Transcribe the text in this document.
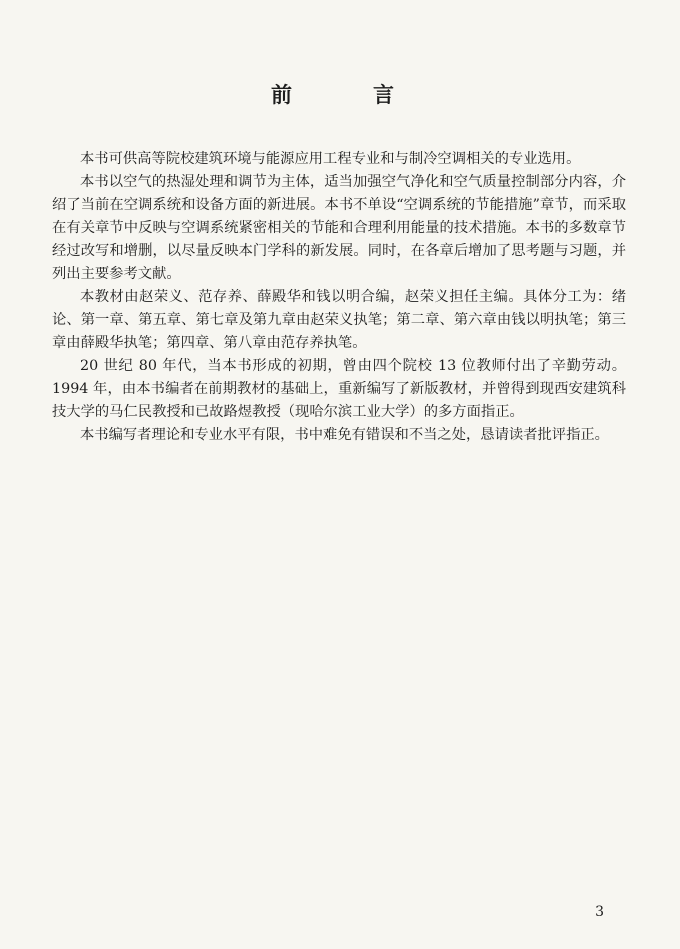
前　言

本书可供高等院校建筑环境与能源应用工程专业和与制冷空调相关的专业选用。

本书以空气的热湿处理和调节为主体，适当加强空气净化和空气质量控制部分内容，介绍了当前在空调系统和设备方面的新进展。本书不单设“空调系统的节能措施”章节，而采取在有关章节中反映与空调系统紧密相关的节能和合理利用能量的技术措施。本书的多数章节经过改写和增删，以尽量反映本门学科的新发展。同时，在各章后增加了思考题与习题，并列出主要参考文献。

本教材由赵荣义、范存养、薛殿华和钱以明合编，赵荣义担任主编。具体分工为：绪论、第一章、第五章、第七章及第九章由赵荣义执笔；第二章、第六章由钱以明执笔；第三章由薛殿华执笔；第四章、第八章由范存养执笔。

20 世纪 80 年代，当本书形成的初期，曾由四个院校 13 位教师付出了辛勤劳动。1994 年，由本书编者在前期教材的基础上，重新编写了新版教材，并曾得到现西安建筑科技大学的马仁民教授和已故路煜教授（现哈尔滨工业大学）的多方面指正。

本书编写者理论和专业水平有限，书中难免有错误和不当之处，恳请读者批评指正。

3
